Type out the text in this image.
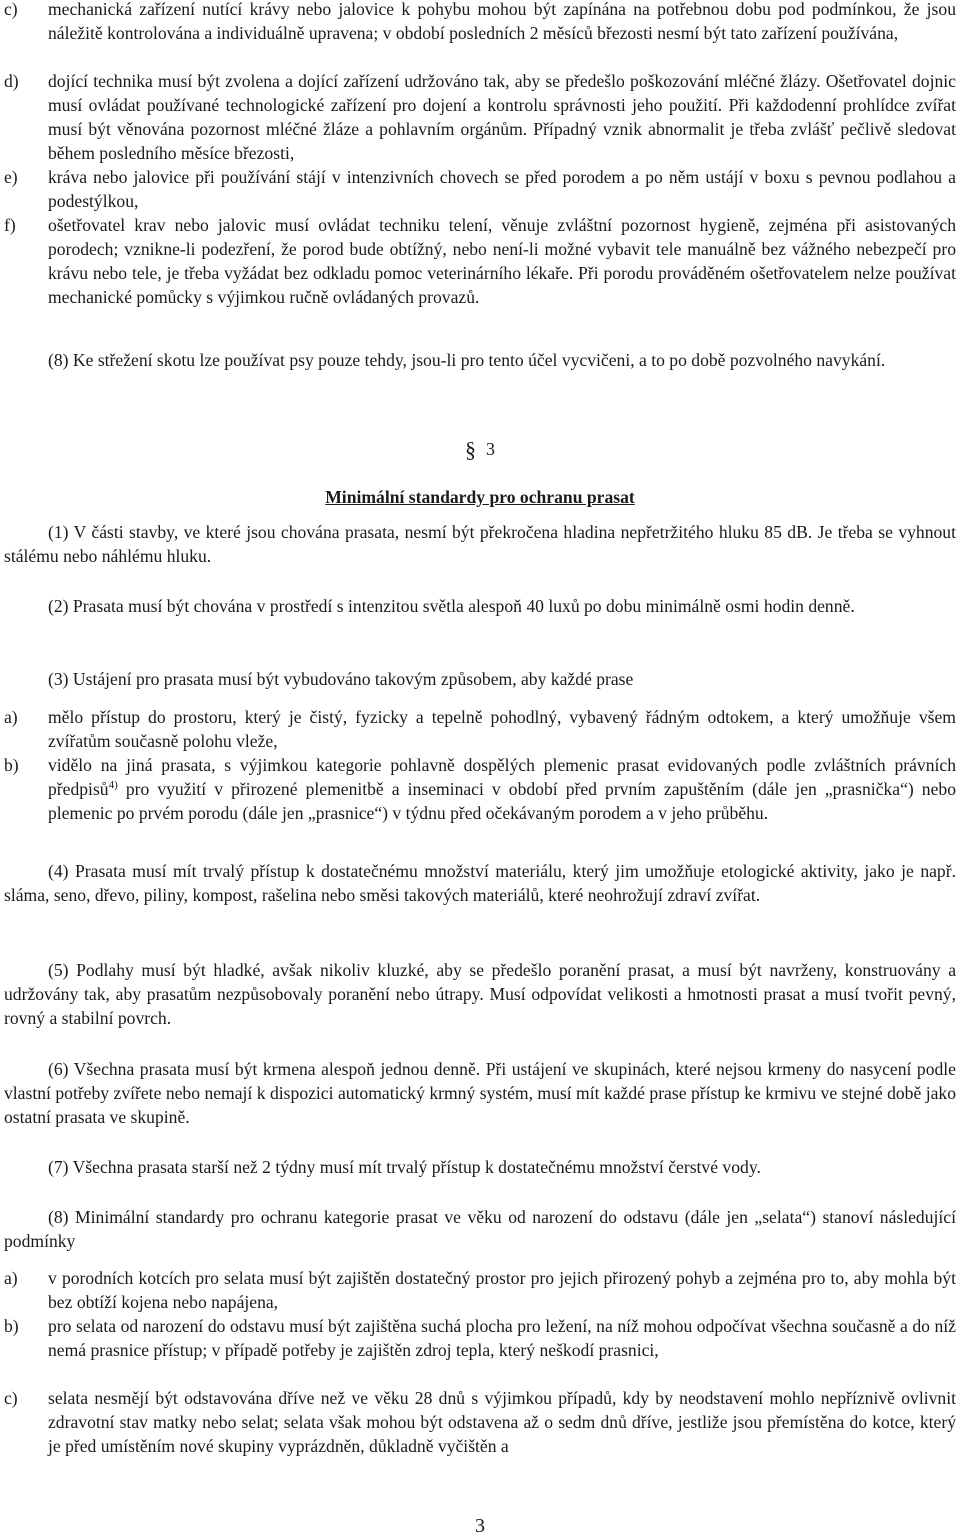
c) mechanická zařízení nutící krávy nebo jalovice k pohybu mohou být zapínána na potřebnou dobu pod podmínkou, že jsou náležitě kontrolována a individuálně upravena; v období posledních 2 měsíců březosti nesmí být tato zařízení používána,
d) dojící technika musí být zvolena a dojící zařízení udržováno tak, aby se předešlo poškozování mléčné žlázy. Ošetřovatel dojnic musí ovládat používané technologické zařízení pro dojení a kontrolu správnosti jeho použití. Při každodenní prohlídce zvířat musí být věnována pozornost mléčné žláze a pohlavním orgánům. Případný vznik abnormalit je třeba zvlášť pečlivě sledovat během posledního měsíce březosti,
e) kráva nebo jalovice při používání stájí v intenzivních chovech se před porodem a po něm ustájí v boxu s pevnou podlahou a podestýlkou,
f) ošetřovatel krav nebo jalovic musí ovládat techniku telení, věnuje zvláštní pozornost hygieně, zejména při asistovaných porodech; vznikne-li podezření, že porod bude obtížný, nebo není-li možné vybavit tele manuálně bez vážného nebezpečí pro krávu nebo tele, je třeba vyžádat bez odkladu pomoc veterinárního lékaře. Při porodu prováděném ošetřovatelem nelze používat mechanické pomůcky s výjimkou ručně ovládaných provazů.
(8) Ke střežení skotu lze používat psy pouze tehdy, jsou-li pro tento účel vycvičeni, a to po době pozvolného navykání.
§ 3
Minimální standardy pro ochranu prasat
(1) V části stavby, ve které jsou chována prasata, nesmí být překročena hladina nepřetržitého hluku 85 dB. Je třeba se vyhnout stálému nebo náhlému hluku.
(2) Prasata musí být chována v prostředí s intenzitou světla alespoň 40 luxů po dobu minimálně osmi hodin denně.
(3) Ustájení pro prasata musí být vybudováno takovým způsobem, aby každé prase
a) mělo přístup do prostoru, který je čistý, fyzicky a tepelně pohodlný, vybavený řádným odtokem, a který umožňuje všem zvířatům současně polohu vleže,
b) vidělo na jiná prasata, s výjimkou kategorie pohlavně dospělých plemenic prasat evidovaných podle zvláštních právních předpisů$^{4)}$ pro využití v přirozené plemenitbě a inseminaci v období před prvním zapuštěním (dále jen „prasnička“) nebo plemenic po prvém porodu (dále jen „prasnice“) v týdnu před očekávaným porodem a v jeho průběhu.
(4) Prasata musí mít trvalý přístup k dostatečnému množství materiálu, který jim umožňuje etologické aktivity, jako je např. sláma, seno, dřevo, piliny, kompost, rašelina nebo směsi takových materiálů, které neohrožují zdraví zvířat.
(5) Podlahy musí být hladké, avšak nikoliv kluzké, aby se předešlo poranění prasat, a musí být navrženy, konstruovány a udržovány tak, aby prasatům nezpůsobovaly poranění nebo útrapy. Musí odpovídat velikosti a hmotnosti prasat a musí tvořit pevný, rovný a stabilní povrch.
(6) Všechna prasata musí být krmena alespoň jednou denně. Při ustájení ve skupinách, které nejsou krmeny do nasycení podle vlastní potřeby zvířete nebo nemají k dispozici automatický krmný systém, musí mít každé prase přístup ke krmivu ve stejné době jako ostatní prasata ve skupině.
(7) Všechna prasata starší než 2 týdny musí mít trvalý přístup k dostatečnému množství čerstvé vody.
(8) Minimální standardy pro ochranu kategorie prasat ve věku od narození do odstavu (dále jen „selata“) stanoví následující podmínky
a) v porodních kotcích pro selata musí být zajištěn dostatečný prostor pro jejich přirozený pohyb a zejména pro to, aby mohla být bez obtíží kojena nebo napájena,
b) pro selata od narození do odstavu musí být zajištěna suchá plocha pro ležení, na níž mohou odpočívat všechna současně a do níž nemá prasnice přístup; v případě potřeby je zajištěn zdroj tepla, který neškodí prasnici,
c) selata nesmějí být odstavována dříve než ve věku 28 dnů s výjimkou případů, kdy by neodstavení mohlo nepříznivě ovlivnit zdravotní stav matky nebo selat; selata však mohou být odstavena až o sedm dnů dříve, jestliže jsou přemístěna do kotce, který je před umístěním nové skupiny vyprázdněn, důkladně vyčištěn a
3
